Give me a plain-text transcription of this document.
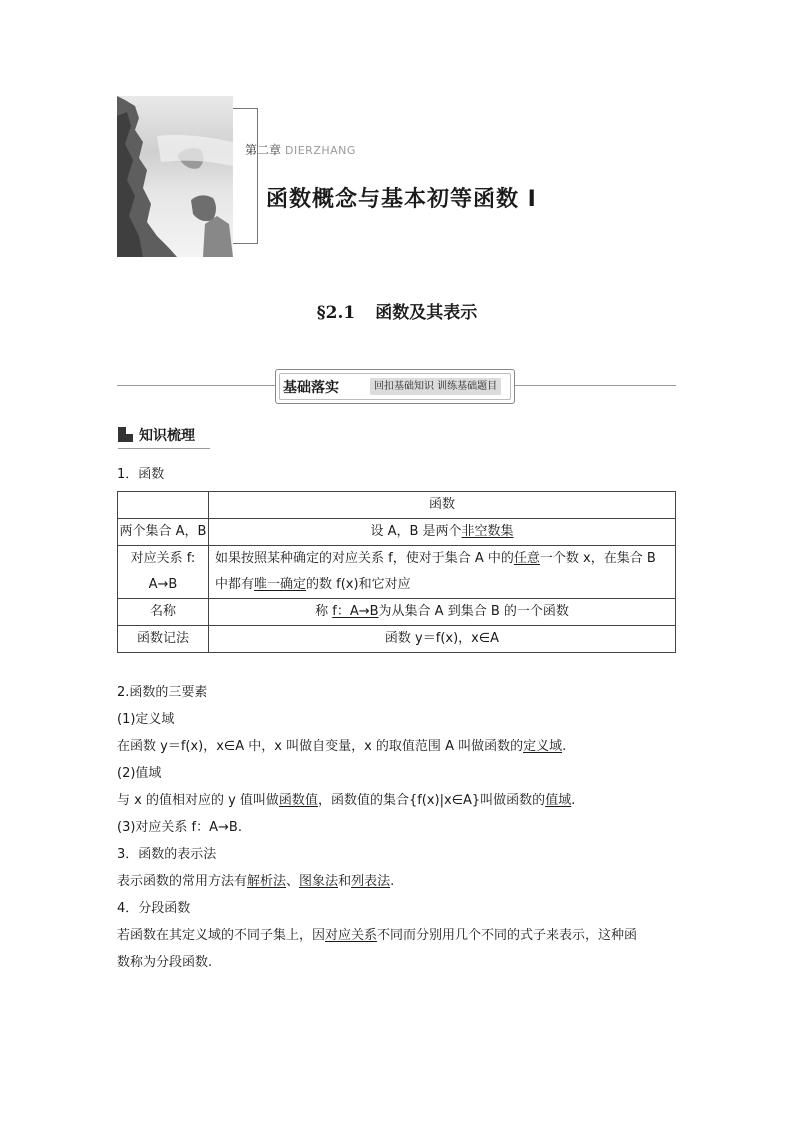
第二章 DIERZHANG
函数概念与基本初等函数 Ⅰ
§2.1 函数及其表示
基础落实	回扣基础知识 训练基础题目
知识梳理
1．函数
	函数
两个集合 A，B	设 A，B 是两个非空数集

对应关系 f:
A→B	如果按照某种确定的对应关系 f，使对于集合 A 中的任意一个数 x，在集合 B 中都有唯一确定的数 f(x)和它对应
名称	称 f：A→B为从集合 A 到集合 B 的一个函数
函数记法	函数 y＝f(x)，x∈A
2.函数的三要素
(1)定义域
在函数 y＝f(x)，x∈A 中，x 叫做自变量，x 的取值范围 A 叫做函数的定义域.
(2)值域
与 x 的值相对应的 y 值叫做函数值，函数值的集合{f(x)|x∈A}叫做函数的值域.
(3)对应关系 f：A→B.
3．函数的表示法
表示函数的常用方法有解析法、图象法和列表法.
4．分段函数
若函数在其定义域的不同子集上，因对应关系不同而分别用几个不同的式子来表示，这种函
数称为分段函数.
